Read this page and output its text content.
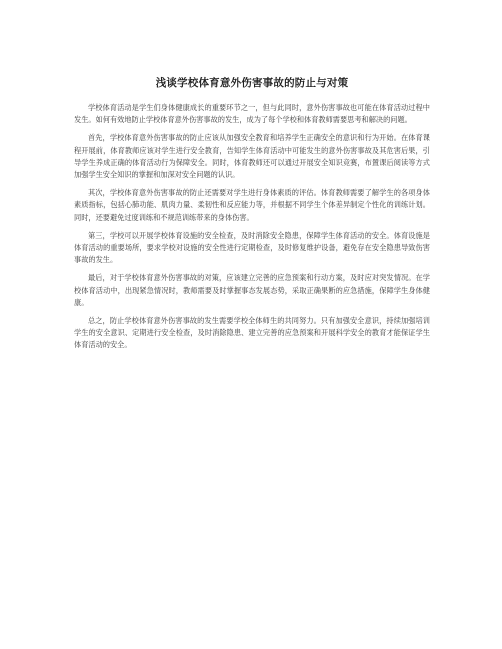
浅谈学校体育意外伤害事故的防止与对策

学校体育活动是学生们身体健康成长的重要环节之一，但与此同时，意外伤害事故也可能在体育活动过程中发生。如何有效地防止学校体育意外伤害事故的发生，成为了每个学校和体育教师需要思考和解决的问题。

首先，学校体育意外伤害事故的防止应该从加强安全教育和培养学生正确安全的意识和行为开始。在体育课程开展前，体育教师应该对学生进行安全教育，告知学生体育活动中可能发生的意外伤害事故及其危害后果，引导学生养成正确的体育活动行为保障安全。同时，体育教师还可以通过开展安全知识竞赛，布置课后阅读等方式加强学生安全知识的掌握和加深对安全问题的认识。

其次，学校体育意外伤害事故的防止还需要对学生进行身体素质的评估。体育教师需要了解学生的各项身体素质指标，包括心肺功能、肌肉力量、柔韧性和反应能力等，并根据不同学生个体差异制定个性化的训练计划。同时，还要避免过度训练和不规范训练带来的身体伤害。

第三，学校可以开展学校体育设施的安全检查，及时消除安全隐患，保障学生体育活动的安全。体育设施是体育活动的重要场所，要求学校对设施的安全性进行定期检查，及时修复维护设备，避免存在安全隐患导致伤害事故的发生。

最后，对于学校体育意外伤害事故的对策，应该建立完善的应急预案和行动方案，及时应对突发情况。在学校体育活动中，出现紧急情况时，教师需要及时掌握事态发展态势，采取正确果断的应急措施，保障学生身体健康。

总之，防止学校体育意外伤害事故的发生需要学校全体师生的共同努力。只有加强安全意识，持续加强培训学生的安全意识、定期进行安全检查，及时消除隐患、建立完善的应急预案和开展科学安全的教育才能保证学生体育活动的安全。
